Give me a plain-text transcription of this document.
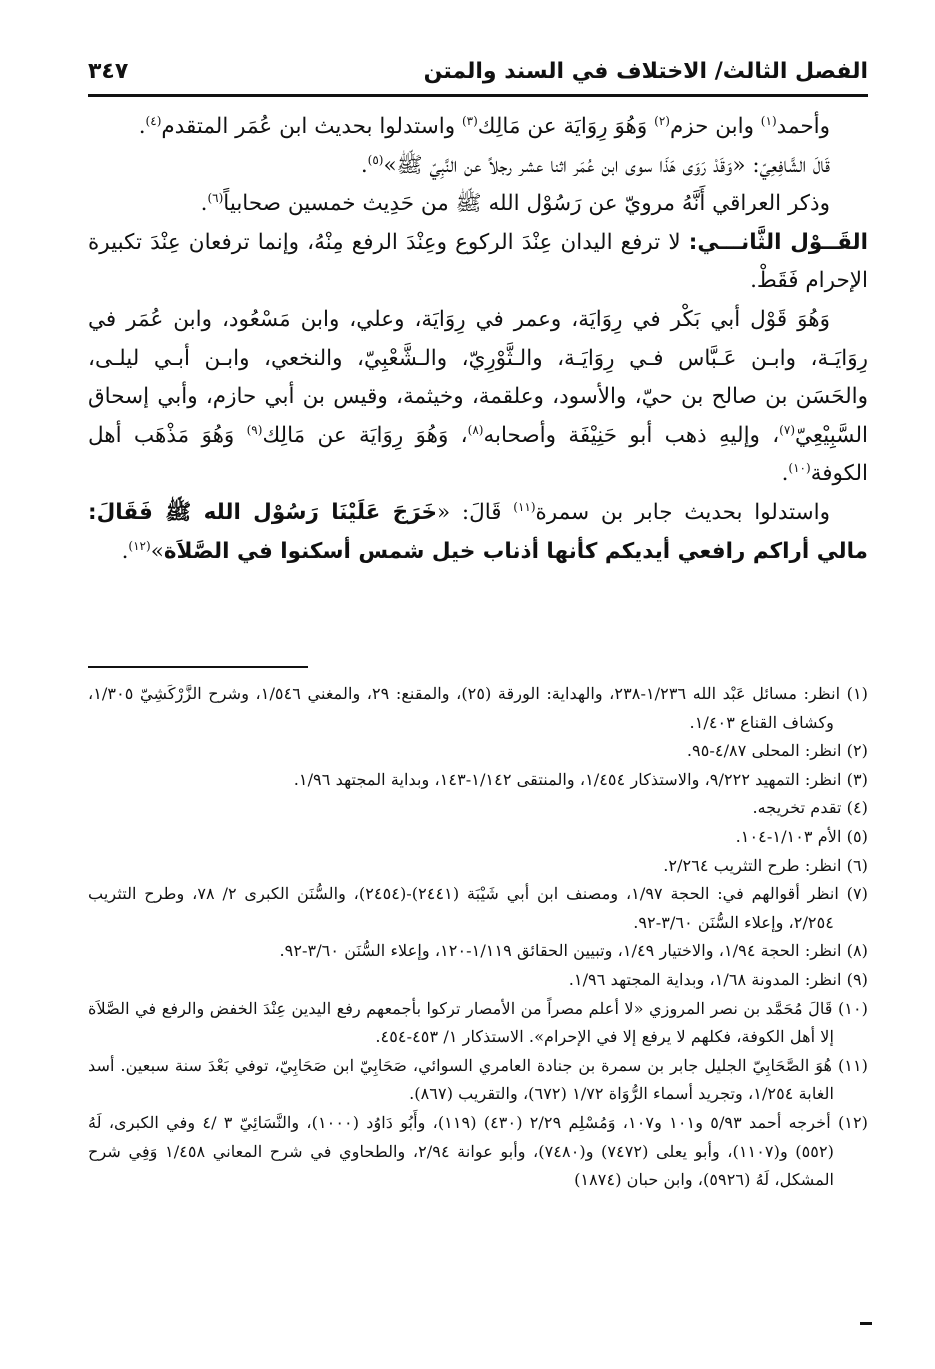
الفصل الثالث/ الاختلاف في السند والمتن
٣٤٧

وأحمد$^{(١)}$ وابن حزم$^{(٢)}$ وَهُوَ رِوَايَة عن مَالِك$^{(٣)}$ واستدلوا بحديث ابن عُمَر المتقدم$^{(٤)}$.

قَالَ الشَّافِعِيّ: «وَقَدْ رَوَى هَذَا سوى ابن عُمَر اثنا عشر رجلاً عن النَّبِيّ ﷺ»$^{(٥)}$.

وذكر العراقي أَنَّهُ مرويّ عن رَسُوْل الله ﷺ من حَدِيث خمسين صحابياً$^{(٦)}$.

القَــوْل الثَّانـــي: لا ترفع اليدان عِنْدَ الركوع وعِنْدَ الرفع مِنْهُ، وإنما ترفعان عِنْدَ تكبيرة الإحرام فَقَطْ.

وَهُوَ قَوْل أبي بَكْر في رِوَايَة، وعمر في رِوَايَة، وعلي، وابن مَسْعُود، وابن عُمَر في رِوَايَـة، وابـن عَـبَّاس فـي رِوَايَـة، والـثَّوْرِيّ، والـشَّعْبِيّ، والنخعي، وابـن أبـي ليلـى، والحَسَن بن صالح بن حيّ، والأسود، وعلقمة، وخيثمة، وقيس بن أبي حازم، وأبي إسحاق السَّبِيْعِيّ$^{(٧)}$، وإليهِ ذهب أبو حَنِيْفَة وأصحابه$^{(٨)}$، وَهُوَ رِوَايَة عن مَالِك$^{(٩)}$ وَهُوَ مَذْهَب أهل الكوفة$^{(١٠)}$.

واستدلوا بحديث جابر بن سمرة$^{(١١)}$ قَالَ: «خَرَجَ عَلَيْنَا رَسُوْل الله ﷺ فَقَالَ: مالي أراكم رافعي أيديكم كأنها أذناب خيل شمس أسكنوا في الصَّلاَة»$^{(١٢)}$.

(١) انظر: مسائل عَبْد الله ١/٢٣٦-٢٣٨، والهداية: الورقة (٢٥)، والمقنع: ٢٩، والمغني ١/٥٤٦، وشرح الزَّرْكَشِيّ ١/٣٠٥، وكشاف القناع ١/٤٠٣.

(٢) انظر: المحلى ٤/٨٧-٩٥.

(٣) انظر: التمهيد ٩/٢٢٢، والاستذكار ١/٤٥٤، والمنتقى ١/١٤٢-١٤٣، وبداية المجتهد ١/٩٦.

(٤) تقدم تخريجه.

(٥) الأم ١/١٠٣-١٠٤.

(٦) انظر: طرح التثريب ٢/٢٦٤.

(٧) انظر أقوالهم في: الحجة ١/٩٧، ومصنف ابن أبي شَيْبَة (٢٤٤١)-(٢٤٥٤)، والسُّنَن الكبرى ٢/ ٧٨، وطرح التثريب ٢/٢٥٤، وإعلاء السُّنَن ٣/٦٠-٩٢.

(٨) انظر: الحجة ١/٩٤، والاختيار ١/٤٩، وتبيين الحقائق ١/١١٩-١٢٠، وإعلاء السُّنَن ٣/٦٠-٩٢.

(٩) انظر: المدونة ١/٦٨، وبداية المجتهد ١/٩٦.

(١٠) قَالَ مُحَمَّد بن نصر المروزي «لا أعلم مصراً من الأمصار تركوا بأجمعهم رفع اليدين عِنْدَ الخفض والرفع في الصَّلاَة إلا أهل الكوفة، فكلهم لا يرفع إلا في الإحرام». الاستذكار ١/ ٤٥٣-٤٥٤.

(١١) هُوَ الصَّحَابِيّ الجليل جابر بن سمرة بن جنادة العامري السوائي، صَحَابِيّ ابن صَحَابِيّ، توفي بَعْدَ سنة سبعين. أسد الغابة ١/٢٥٤، وتجريد أسماء الرُّوَاة ١/٧٢ (٦٧٢)، والتقريب (٨٦٧).

(١٢) أخرجه أحمد ٥/٩٣ و١٠١ و١٠٧، وَمُسْلِم ٢/٢٩ (٤٣٠) (١١٩)، وأَبُو دَاوُد (١٠٠٠)، والنَّسَائِيّ ٣ /٤ وفي الكبرى، لَهُ (٥٥٢) و(١١٠٧)، وأبو يعلى (٧٤٧٢) و(٧٤٨٠)، وأبو عوانة ٢/٩٤، والطحاوي في شرح المعاني ١/٤٥٨ وَفِي شرح المشكل، لَهُ (٥٩٢٦)، وابن حبان (١٨٧٤)
